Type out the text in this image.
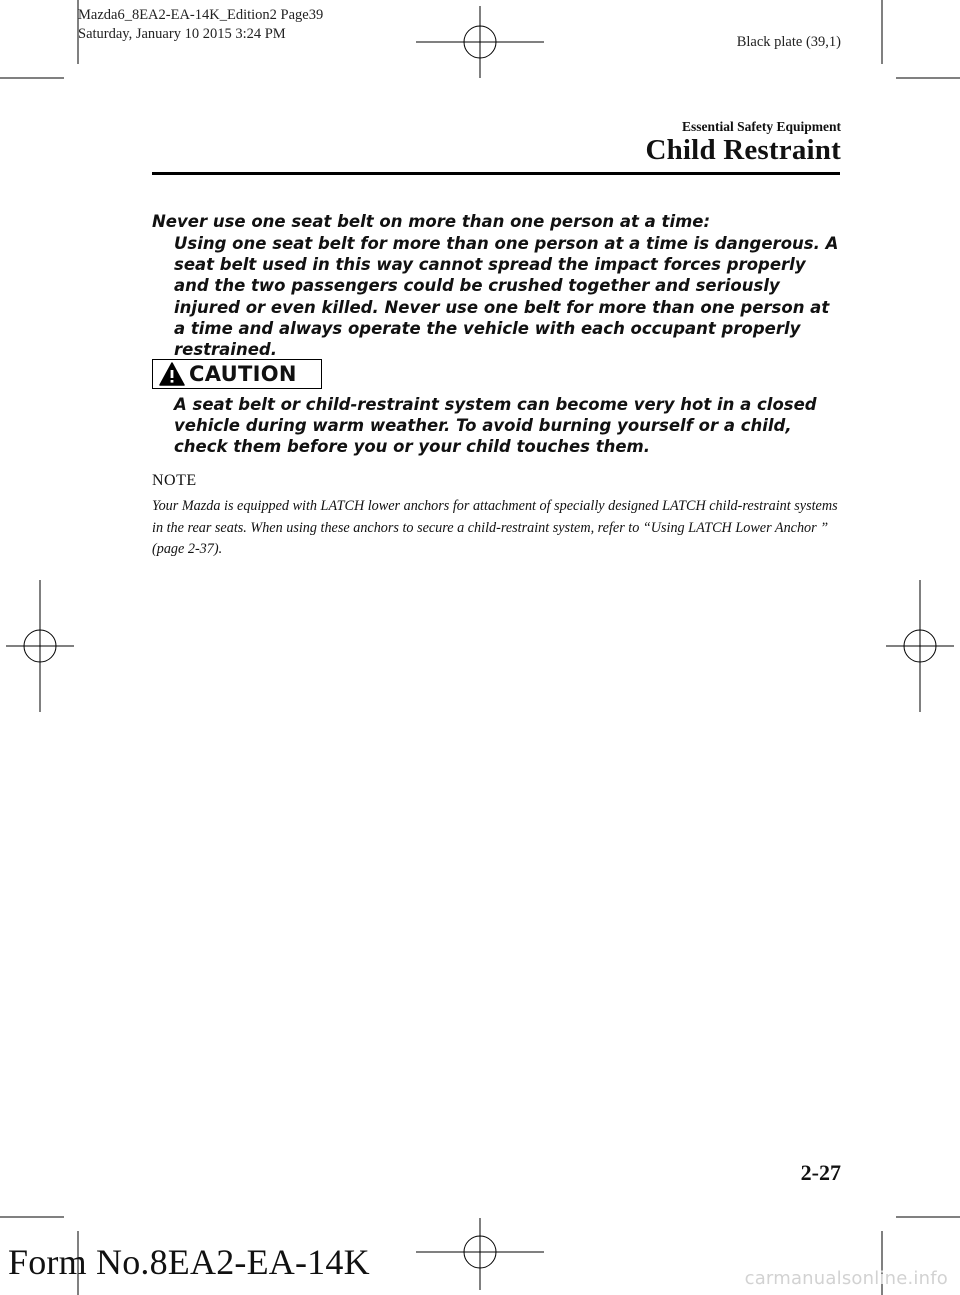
Mazda6_8EA2-EA-14K_Edition2 Page39
Saturday, January 10 2015 3:24 PM	Black plate (39,1)
Essential Safety Equipment
Child Restraint
Never use one seat belt on more than one person at a time:
Using one seat belt for more than one person at a time is dangerous. A seat belt used in this way cannot spread the impact forces properly and the two passengers could be crushed together and seriously injured or even killed. Never use one belt for more than one person at a time and always operate the vehicle with each occupant properly restrained.
CAUTION
A seat belt or child-restraint system can become very hot in a closed vehicle during warm weather. To avoid burning yourself or a child, check them before you or your child touches them.
NOTE
Your Mazda is equipped with LATCH lower anchors for attachment of specially designed LATCH child-restraint systems in the rear seats. When using these anchors to secure a child-restraint system, refer to “Using LATCH Lower Anchor ” (page 2-37).
2-27
Form No.8EA2-EA-14K	carmanualsonline.info
